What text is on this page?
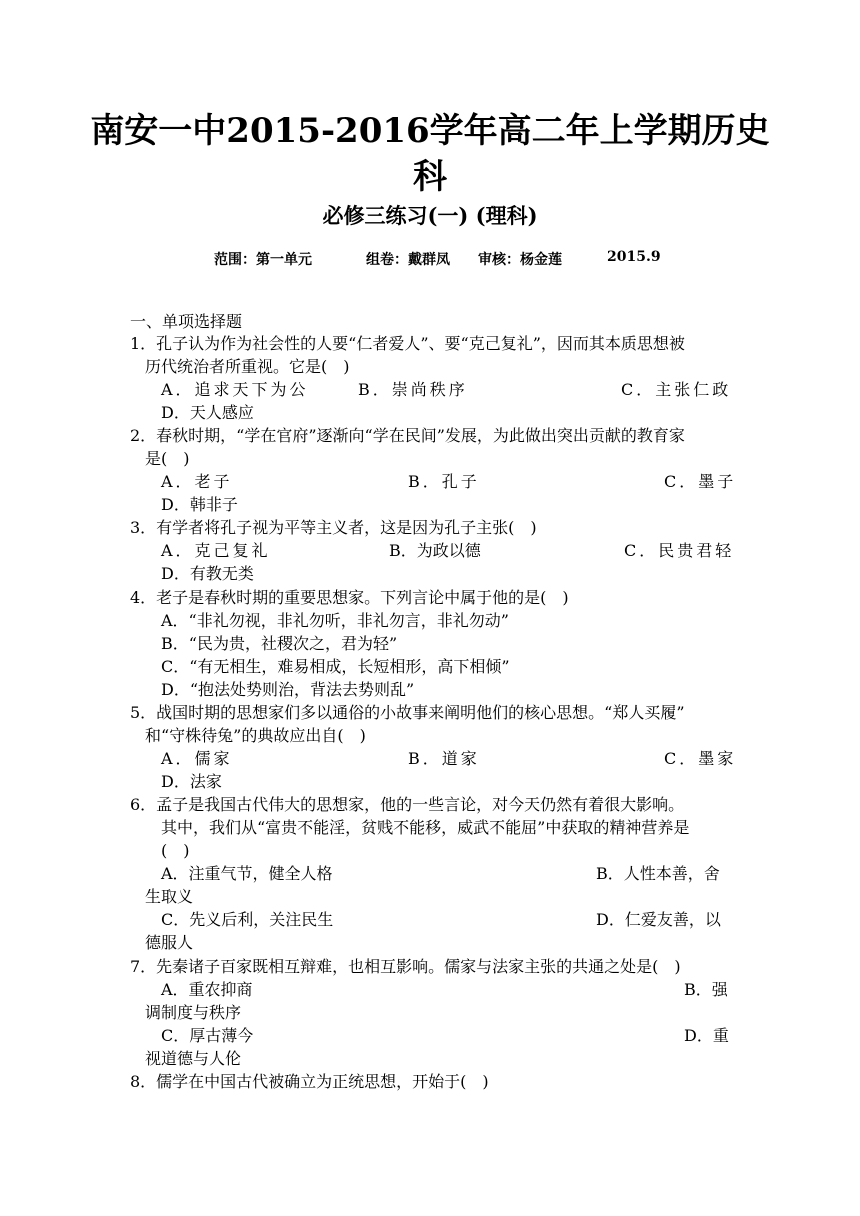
南安一中2015-2016学年高二年上学期历史
科
必修三练习(一) (理科)
范围：第一单元	组卷：戴群凤 审核：杨金莲	2015.9
一、单项选择题
1．孔子认为作为社会性的人要“仁者爱人”、要“克己复礼”，因而其本质思想被
历代统治者所重视。它是(　)
A．追求天下为公	B．崇尚秩序	C．主张仁政
D．天人感应
2．春秋时期，“学在官府”逐渐向“学在民间”发展，为此做出突出贡献的教育家
是(　)
A．老子	B．孔子	C．墨子
D．韩非子
3．有学者将孔子视为平等主义者，这是因为孔子主张(　)
A．克己复礼	B．为政以德	C．民贵君轻
D．有教无类
4．老子是春秋时期的重要思想家。下列言论中属于他的是(　)
A．“非礼勿视，非礼勿听，非礼勿言，非礼勿动”
B．“民为贵，社稷次之，君为轻”
C．“有无相生，难易相成，长短相形，高下相倾”
D．“抱法处势则治，背法去势则乱”
5．战国时期的思想家们多以通俗的小故事来阐明他们的核心思想。“郑人买履”
和“守株待兔”的典故应出自(　)
A．儒家	B．道家	C．墨家
D．法家
6．孟子是我国古代伟大的思想家，他的一些言论，对今天仍然有着很大影响。
其中，我们从“富贵不能淫，贫贱不能移，威武不能屈”中获取的精神营养是
(　)
A．注重气节，健全人格	B．人性本善，舍
生取义
C．先义后利，关注民生	D．仁爱友善，以
德服人
7．先秦诸子百家既相互辩难，也相互影响。儒家与法家主张的共通之处是(　)
A．重农抑商	B．强
调制度与秩序
C．厚古薄今	D．重
视道德与人伦
8．儒学在中国古代被确立为正统思想，开始于(　)
